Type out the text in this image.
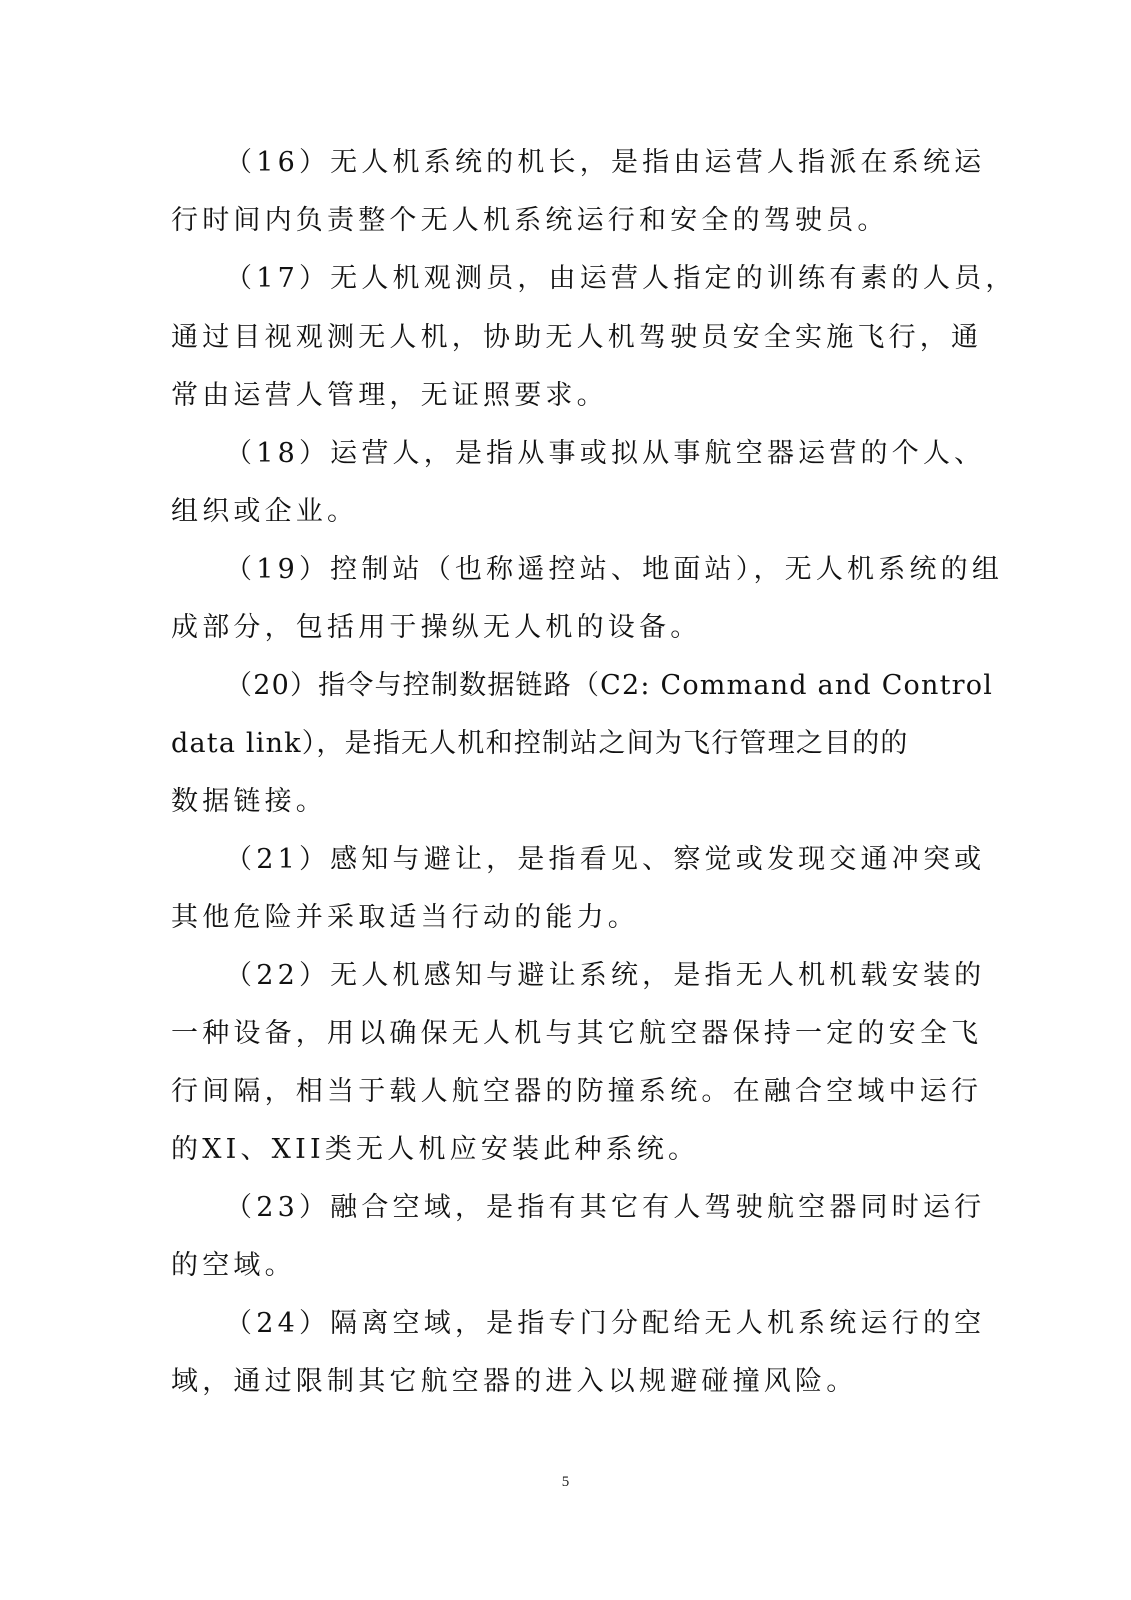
（16）无人机系统的机长，是指由运营人指派在系统运
行时间内负责整个无人机系统运行和安全的驾驶员。
（17）无人机观测员，由运营人指定的训练有素的人员，
通过目视观测无人机，协助无人机驾驶员安全实施飞行，通
常由运营人管理，无证照要求。
（18）运营人，是指从事或拟从事航空器运营的个人、
组织或企业。
（19）控制站（也称遥控站、地面站），无人机系统的组
成部分，包括用于操纵无人机的设备。
（20）指令与控制数据链路（C2: Command and Control
data link），是指无人机和控制站之间为飞行管理之目的的
数据链接。
（21）感知与避让，是指看见、察觉或发现交通冲突或
其他危险并采取适当行动的能力。
（22）无人机感知与避让系统，是指无人机机载安装的
一种设备，用以确保无人机与其它航空器保持一定的安全飞
行间隔，相当于载人航空器的防撞系统。在融合空域中运行
的XI、XII类无人机应安装此种系统。
（23）融合空域，是指有其它有人驾驶航空器同时运行
的空域。
（24）隔离空域，是指专门分配给无人机系统运行的空
域，通过限制其它航空器的进入以规避碰撞风险。
5
